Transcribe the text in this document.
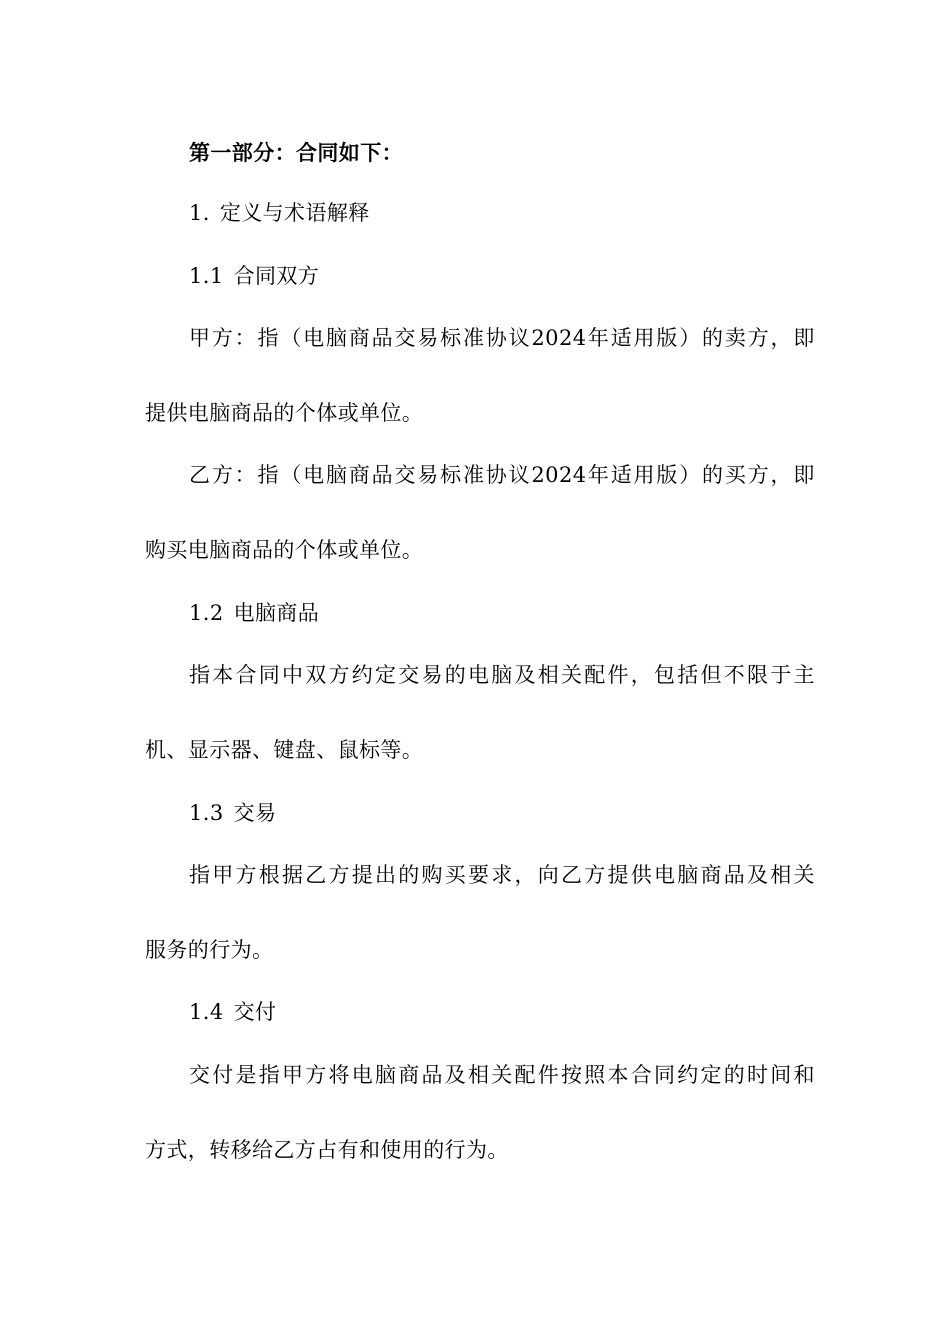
第一部分：合同如下：
1. 定义与术语解释
1.1 合同双方
甲 方 ： 指 （ 电 脑 商 品 交 易 标 准 协 议 2024 年 适 用 版 ） 的 卖 方 ， 即
提供电脑商品的个体或单位。
乙 方 ： 指 （ 电 脑 商 品 交 易 标 准 协 议 2024 年 适 用 版 ） 的 买 方 ， 即
购买电脑商品的个体或单位。
1.2 电脑商品
指 本 合 同 中 双 方 约 定 交 易 的 电 脑 及 相 关 配 件 ， 包 括 但 不 限 于 主
机、显示器、键盘、鼠标等。
1.3 交易
指 甲 方 根 据 乙 方 提 出 的 购 买 要 求 ， 向 乙 方 提 供 电 脑 商 品 及 相 关
服务的行为。
1.4 交付
交 付 是 指 甲 方 将 电 脑 商 品 及 相 关 配 件 按 照 本 合 同 约 定 的 时 间 和
方式，转移给乙方占有和使用的行为。
